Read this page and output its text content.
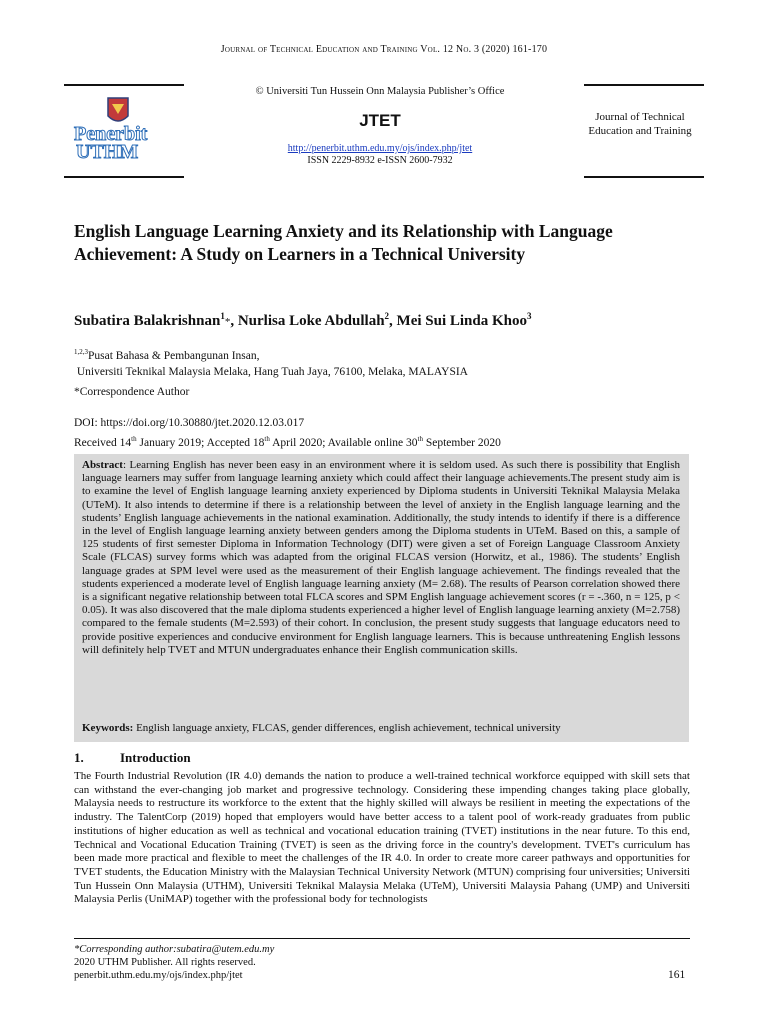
Journal of Technical Education and Training Vol. 12 No. 3 (2020) 161-170
Penerbit
UTHM
© Universiti Tun Hussein Onn Malaysia Publisher’s Office
JTET
http://penerbit.uthm.edu.my/ojs/index.php/jtet
ISSN 2229-8932 e-ISSN 2600-7932
Journal of Technical Education and Training
English Language Learning Anxiety and its Relationship with Language Achievement: A Study on Learners in a Technical University
Subatira Balakrishnan$^1$*, Nurlisa Loke Abdullah$^2$, Mei Sui Linda Khoo$^3$
$^{1,2,3}$Pusat Bahasa & Pembangunan Insan,
Universiti Teknikal Malaysia Melaka, Hang Tuah Jaya, 76100, Melaka, MALAYSIA
*Correspondence Author
DOI: https://doi.org/10.30880/jtet.2020.12.03.017
Received 14th January 2019; Accepted 18th April 2020; Available online 30th September 2020
Abstract: Learning English has never been easy in an environment where it is seldom used. As such there is possibility that English language learners may suffer from language learning anxiety which could affect their language achievements.The present study aim is to examine the level of English language learning anxiety experienced by Diploma students in Universiti Teknikal Malaysia Melaka (UTeM). It also intends to determine if there is a relationship between the level of anxiety in the English language learning and the students’ English language achievements in the national examination. Additionally, the study intends to identify if there is a difference in the level of English language learning anxiety between genders among the Diploma students in UTeM. Based on this, a sample of 125 students of first semester Diploma in Information Technology (DIT) were given a set of Foreign Language Classroom Anxiety Scale (FLCAS) survey forms which was adapted from the original FLCAS version (Horwitz, et al., 1986). The students’ English language grades at SPM level were used as the measurement of their English language achievement. The findings revealed that the students experienced a moderate level of English language learning anxiety (M= 2.68). The results of Pearson correlation showed there is a significant negative relationship between total FLCA scores and SPM English language achievement scores (r = -.360, n = 125, p < 0.05). It was also discovered that the male diploma students experienced a higher level of English language learning anxiety (M=2.758) compared to the female students (M=2.593) of their cohort. In conclusion, the present study suggests that language educators need to provide positive experiences and conducive environment for English language learners. This is because unthreatening English lessons will definitely help TVET and MTUN undergraduates enhance their English communication skills.
Keywords: English language anxiety, FLCAS, gender differences, english achievement, technical university
1.	Introduction
The Fourth Industrial Revolution (IR 4.0) demands the nation to produce a well-trained technical workforce equipped with skill sets that can withstand the ever-changing job market and progressive technology. Considering these impending changes taking place globally, Malaysia needs to restructure its workforce to the extent that the highly skilled will always be resilient in meeting the expectations of the industry. The TalentCorp (2019) hoped that employers would have better access to a talent pool of work-ready graduates from public institutions of higher education as well as technical and vocational education training (TVET) institutions in the near future. To this end, Technical and Vocational Education Training (TVET) is seen as the driving force in the country's development. TVET's curriculum has been made more practical and flexible to meet the challenges of the IR 4.0. In order to create more career pathways and opportunities for TVET students, the Education Ministry with the Malaysian Technical University Network (MTUN) comprising four universities; Universiti Tun Hussein Onn Malaysia (UTHM), Universiti Teknikal Malaysia Melaka (UTeM), Universiti Malaysia Pahang (UMP) and Universiti Malaysia Perlis (UniMAP) together with the professional body for technologists
*Corresponding author:subatira@utem.edu.my
2020 UTHM Publisher. All rights reserved.
penerbit.uthm.edu.my/ojs/index.php/jtet	161
